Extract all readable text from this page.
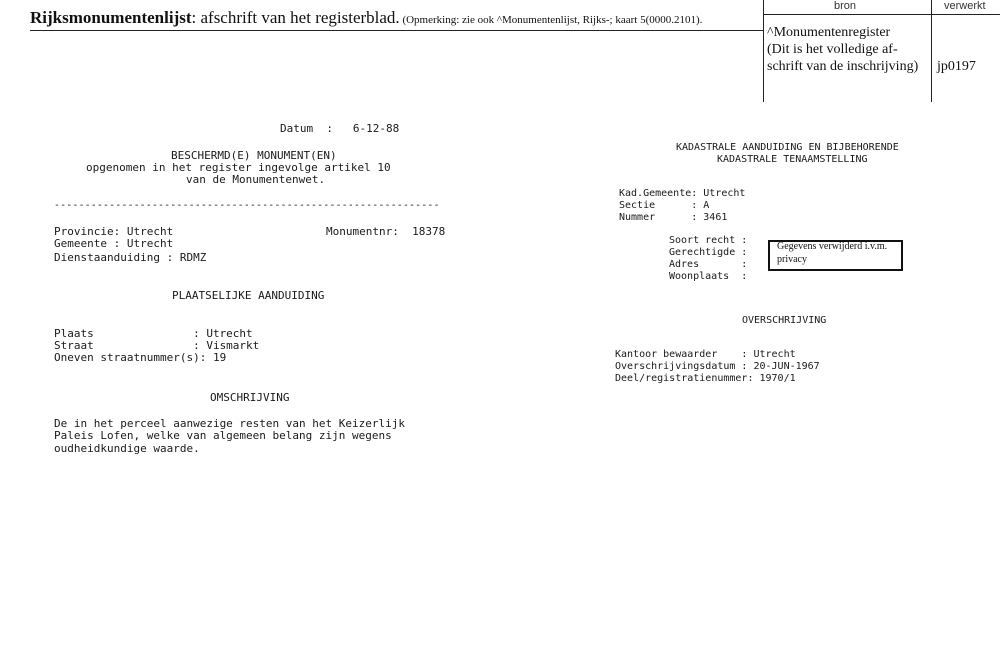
Rijksmonumentenlijst: afschrift van het registerblad. (Opmerking: zie ook ^Monumentenlijst, Rijks-; kaart 5(0000.2101).
bron	verwerkt
^Monumentenregister
(Dit is het volledige af-
schrift van de inschrijving) jp0197
Datum  :   6-12-88
BESCHERMD(E) MONUMENT(EN)
opgenomen in het register ingevolge artikel 10
van de Monumentenwet.
---------------------------------------------------------------
Provincie: Utrecht	Monumentnr:  18378
Gemeente : Utrecht
Dienstaanduiding : RDMZ
PLAATSELIJKE AANDUIDING
Plaats               : Utrecht
Straat               : Vismarkt
Oneven straatnummer(s): 19
OMSCHRIJVING
De in het perceel aanwezige resten van het Keizerlijk
Paleis Lofen, welke van algemeen belang zijn wegens
oudheidkundige waarde.
KADASTRALE AANDUIDING EN BIJBEHORENDE
KADASTRALE TENAAMSTELLING
Kad.Gemeente: Utrecht
Sectie      : A
Nummer      : 3461
Soort recht :
Gerechtigde :
Adres       :
Woonplaats  :
Gegevens verwijderd i.v.m.
privacy
OVERSCHRIJVING
Kantoor bewaarder    : Utrecht
Overschrijvingsdatum : 20-JUN-1967
Deel/registratienummer: 1970/1
